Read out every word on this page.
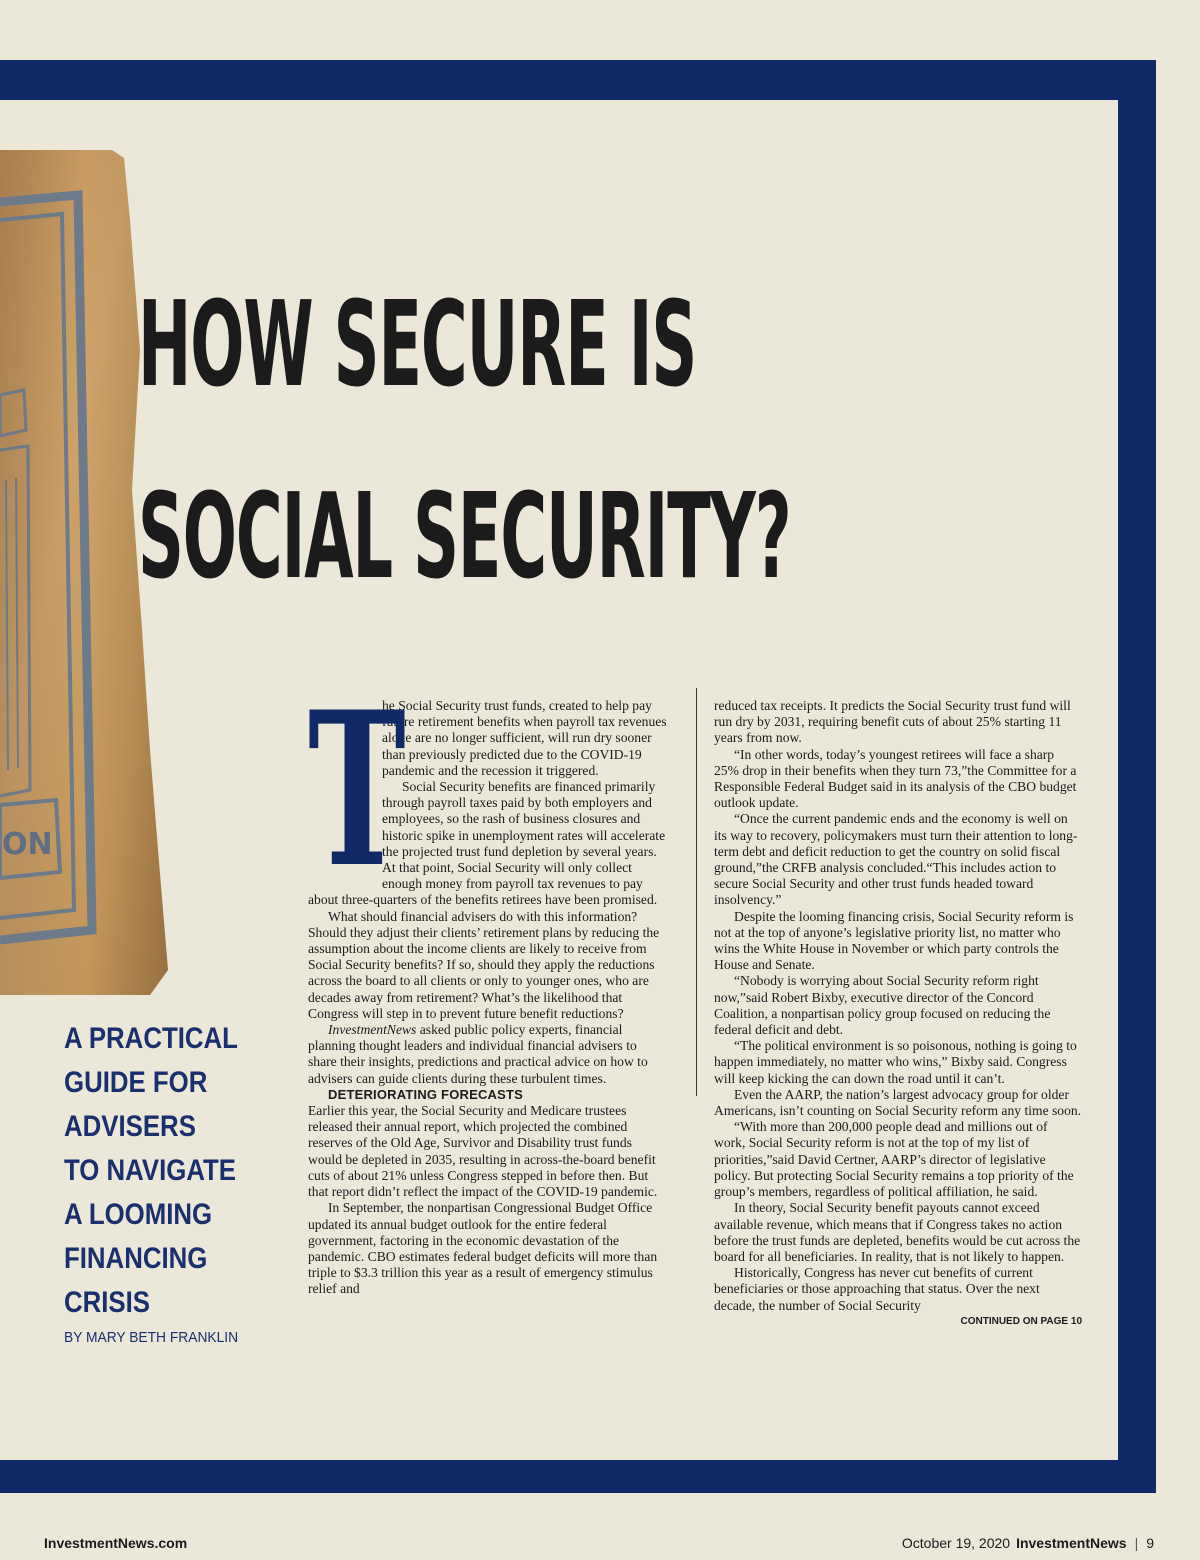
ON
HOW SECURE IS
SOCIAL SECURITY?
A PRACTICAL
GUIDE FOR
ADVISERS
TO NAVIGATE
A LOOMING
FINANCING
CRISIS

BY MARY BETH FRANKLIN

T

he Social Security trust funds, created to help pay future retirement benefits when payroll tax revenues alone are no longer sufficient, will run dry sooner than previously predicted due to the COVID-19 pandemic and the recession it triggered.

Social Security benefits are financed primarily through payroll taxes paid by both employers and employees, so the rash of business closures and historic spike in unemployment rates will accelerate the projected trust fund depletion by several years. At that point, Social Security will only collect enough money from payroll tax revenues to pay about three-quarters of the benefits retirees have been promised.

What should financial advisers do with this information? Should they adjust their clients’ retirement plans by reducing the assumption about the income clients are likely to receive from Social Security benefits? If so, should they apply the reductions across the board to all clients or only to younger ones, who are decades away from retirement? What’s the likelihood that Congress will step in to prevent future benefit reductions?

InvestmentNews asked public policy experts, financial planning thought leaders and individual financial advisers to share their insights, predictions and practical advice on how to advisers can guide clients during these turbulent times.

DETERIORATING FORECASTS

Earlier this year, the Social Security and Medicare trustees released their annual report, which projected the combined reserves of the Old Age, Survivor and Disability trust funds would be depleted in 2035, resulting in across-the-board benefit cuts of about 21% unless Congress stepped in before then. But that report didn’t reflect the impact of the COVID-19 pandemic.

In September, the nonpartisan Congressional Budget Office updated its annual budget outlook for the entire federal government, factoring in the economic devastation of the pandemic. CBO estimates federal budget deficits will more than triple to $3.3 trillion this year as a result of emergency stimulus relief and

reduced tax receipts. It predicts the Social Security trust fund will run dry by 2031, requiring benefit cuts of about 25% starting 11 years from now.

“In other words, today’s youngest retirees will face a sharp 25% drop in their benefits when they turn 73,”the Committee for a Responsible Federal Budget said in its analysis of the CBO budget outlook update.

“Once the current pandemic ends and the economy is well on its way to recovery, policymakers must turn their attention to long-term debt and deficit reduction to get the country on solid fiscal ground,”the CRFB analysis concluded.“This includes action to secure Social Security and other trust funds headed toward insolvency.”

Despite the looming financing crisis, Social Security reform is not at the top of anyone’s legislative priority list, no matter who wins the White House in November or which party controls the House and Senate.

“Nobody is worrying about Social Security reform right now,”said Robert Bixby, executive director of the Concord Coalition, a nonpartisan policy group focused on reducing the federal deficit and debt.

“The political environment is so poisonous, nothing is going to happen immediately, no matter who wins,” Bixby said. Congress will keep kicking the can down the road until it can’t.

Even the AARP, the nation’s largest advocacy group for older Americans, isn’t counting on Social Security reform any time soon.

“With more than 200,000 people dead and millions out of work, Social Security reform is not at the top of my list of priorities,”said David Certner, AARP’s director of legislative policy. But protecting Social Security remains a top priority of the group’s members, regardless of political affiliation, he said.

In theory, Social Security benefit payouts cannot exceed available revenue, which means that if Congress takes no action before the trust funds are depleted, benefits would be cut across the board for all beneficiaries. In reality, that is not likely to happen.

Historically, Congress has never cut benefits of current beneficiaries or those approaching that status. Over the next decade, the number of Social Security

CONTINUED ON PAGE 10

InvestmentNews.com	October 19, 2020 InvestmentNews | 9
